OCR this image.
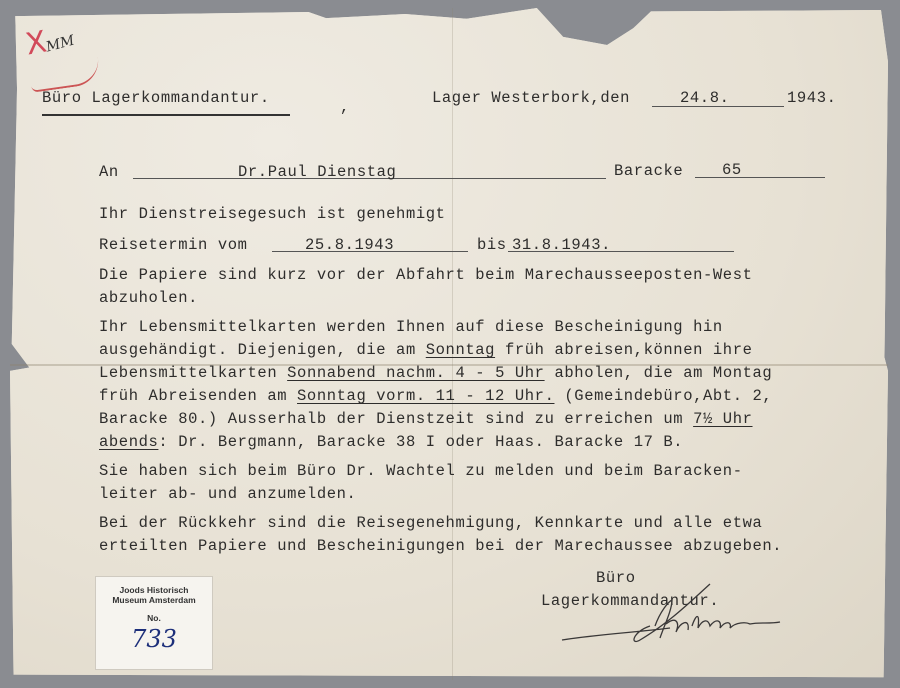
X
MM
Büro Lagerkommandantur.	,	Lager Westerbork,den	24.8.	1943.
An	Dr.Paul Dienstag	Baracke 65
Ihr Dienstreisegesuch ist genehmigt
Reisetermin vom	25.8.1943	bis 31.8.1943.
Die Papiere sind kurz vor der Abfahrt beim Marechausseeposten-West
abzuholen.
Ihr Lebensmittelkarten werden Ihnen auf diese Bescheinigung hin
ausgehändigt. Diejenigen, die am Sonntag früh abreisen,können ihre
Lebensmittelkarten Sonnabend nachm. 4 - 5 Uhr abholen, die am Montag
früh Abreisenden am Sonntag vorm. 11 - 12 Uhr. (Gemeindebüro,Abt. 2,
Baracke 80.) Ausserhalb der Dienstzeit sind zu erreichen um 7½ Uhr
abends: Dr. Bergmann, Baracke 38 I oder Haas. Baracke 17 B.
Sie haben sich beim Büro Dr. Wachtel zu melden und beim Baracken-
leiter ab- und anzumelden.
Bei der Rückkehr sind die Reisegenehmigung, Kennkarte und alle etwa
erteilten Papiere und Bescheinigungen bei der Marechaussee abzugeben.
Büro
Lagerkommandantur.
Joods Historisch
Museum Amsterdam
No.
733
